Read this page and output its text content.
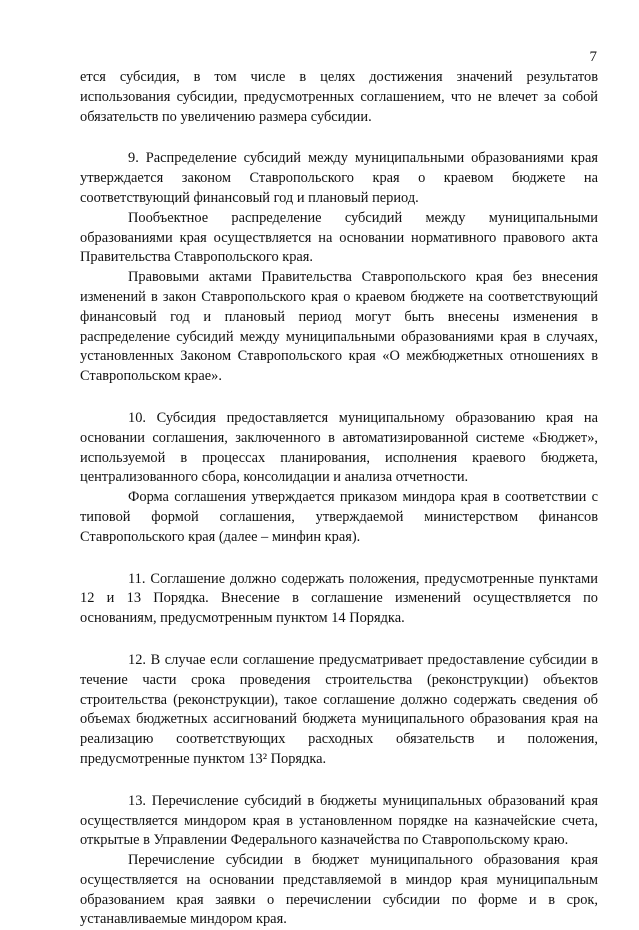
7

ется субсидия, в том числе в целях достижения значений результатов использования субсидии, предусмотренных соглашением, что не влечет за собой обязательств по увеличению размера субсидии.

9. Распределение субсидий между муниципальными образованиями края утверждается законом Ставропольского края о краевом бюджете на соответствующий финансовый год и плановый период.

Пообъектное распределение субсидий между муниципальными образованиями края осуществляется на основании нормативного правового акта Правительства Ставропольского края.

Правовыми актами Правительства Ставропольского края без внесения изменений в закон Ставропольского края о краевом бюджете на соответствующий финансовый год и плановый период могут быть внесены изменения в распределение субсидий между муниципальными образованиями края в случаях, установленных Законом Ставропольского края «О межбюджетных отношениях в Ставропольском крае».

10. Субсидия предоставляется муниципальному образованию края на основании соглашения, заключенного в автоматизированной системе «Бюджет», используемой в процессах планирования, исполнения краевого бюджета, централизованного сбора, консолидации и анализа отчетности.

Форма соглашения утверждается приказом миндора края в соответствии с типовой формой соглашения, утверждаемой министерством финансов Ставропольского края (далее – минфин края).

11. Соглашение должно содержать положения, предусмотренные пунктами 12 и 13 Порядка. Внесение в соглашение изменений осуществляется по основаниям, предусмотренным пунктом 14 Порядка.

12. В случае если соглашение предусматривает предоставление субсидии в течение части срока проведения строительства (реконструкции) объектов строительства (реконструкции), такое соглашение должно содержать сведения об объемах бюджетных ассигнований бюджета муниципального образования края на реализацию соответствующих расходных обязательств и положения, предусмотренные пунктом 13² Порядка.

13. Перечисление субсидий в бюджеты муниципальных образований края осуществляется миндором края в установленном порядке на казначейские счета, открытые в Управлении Федерального казначейства по Ставропольскому краю.

Перечисление субсидии в бюджет муниципального образования края осуществляется на основании представляемой в миндор края муниципальным образованием края заявки о перечислении субсидии по форме и в срок, устанавливаемые миндором края.
